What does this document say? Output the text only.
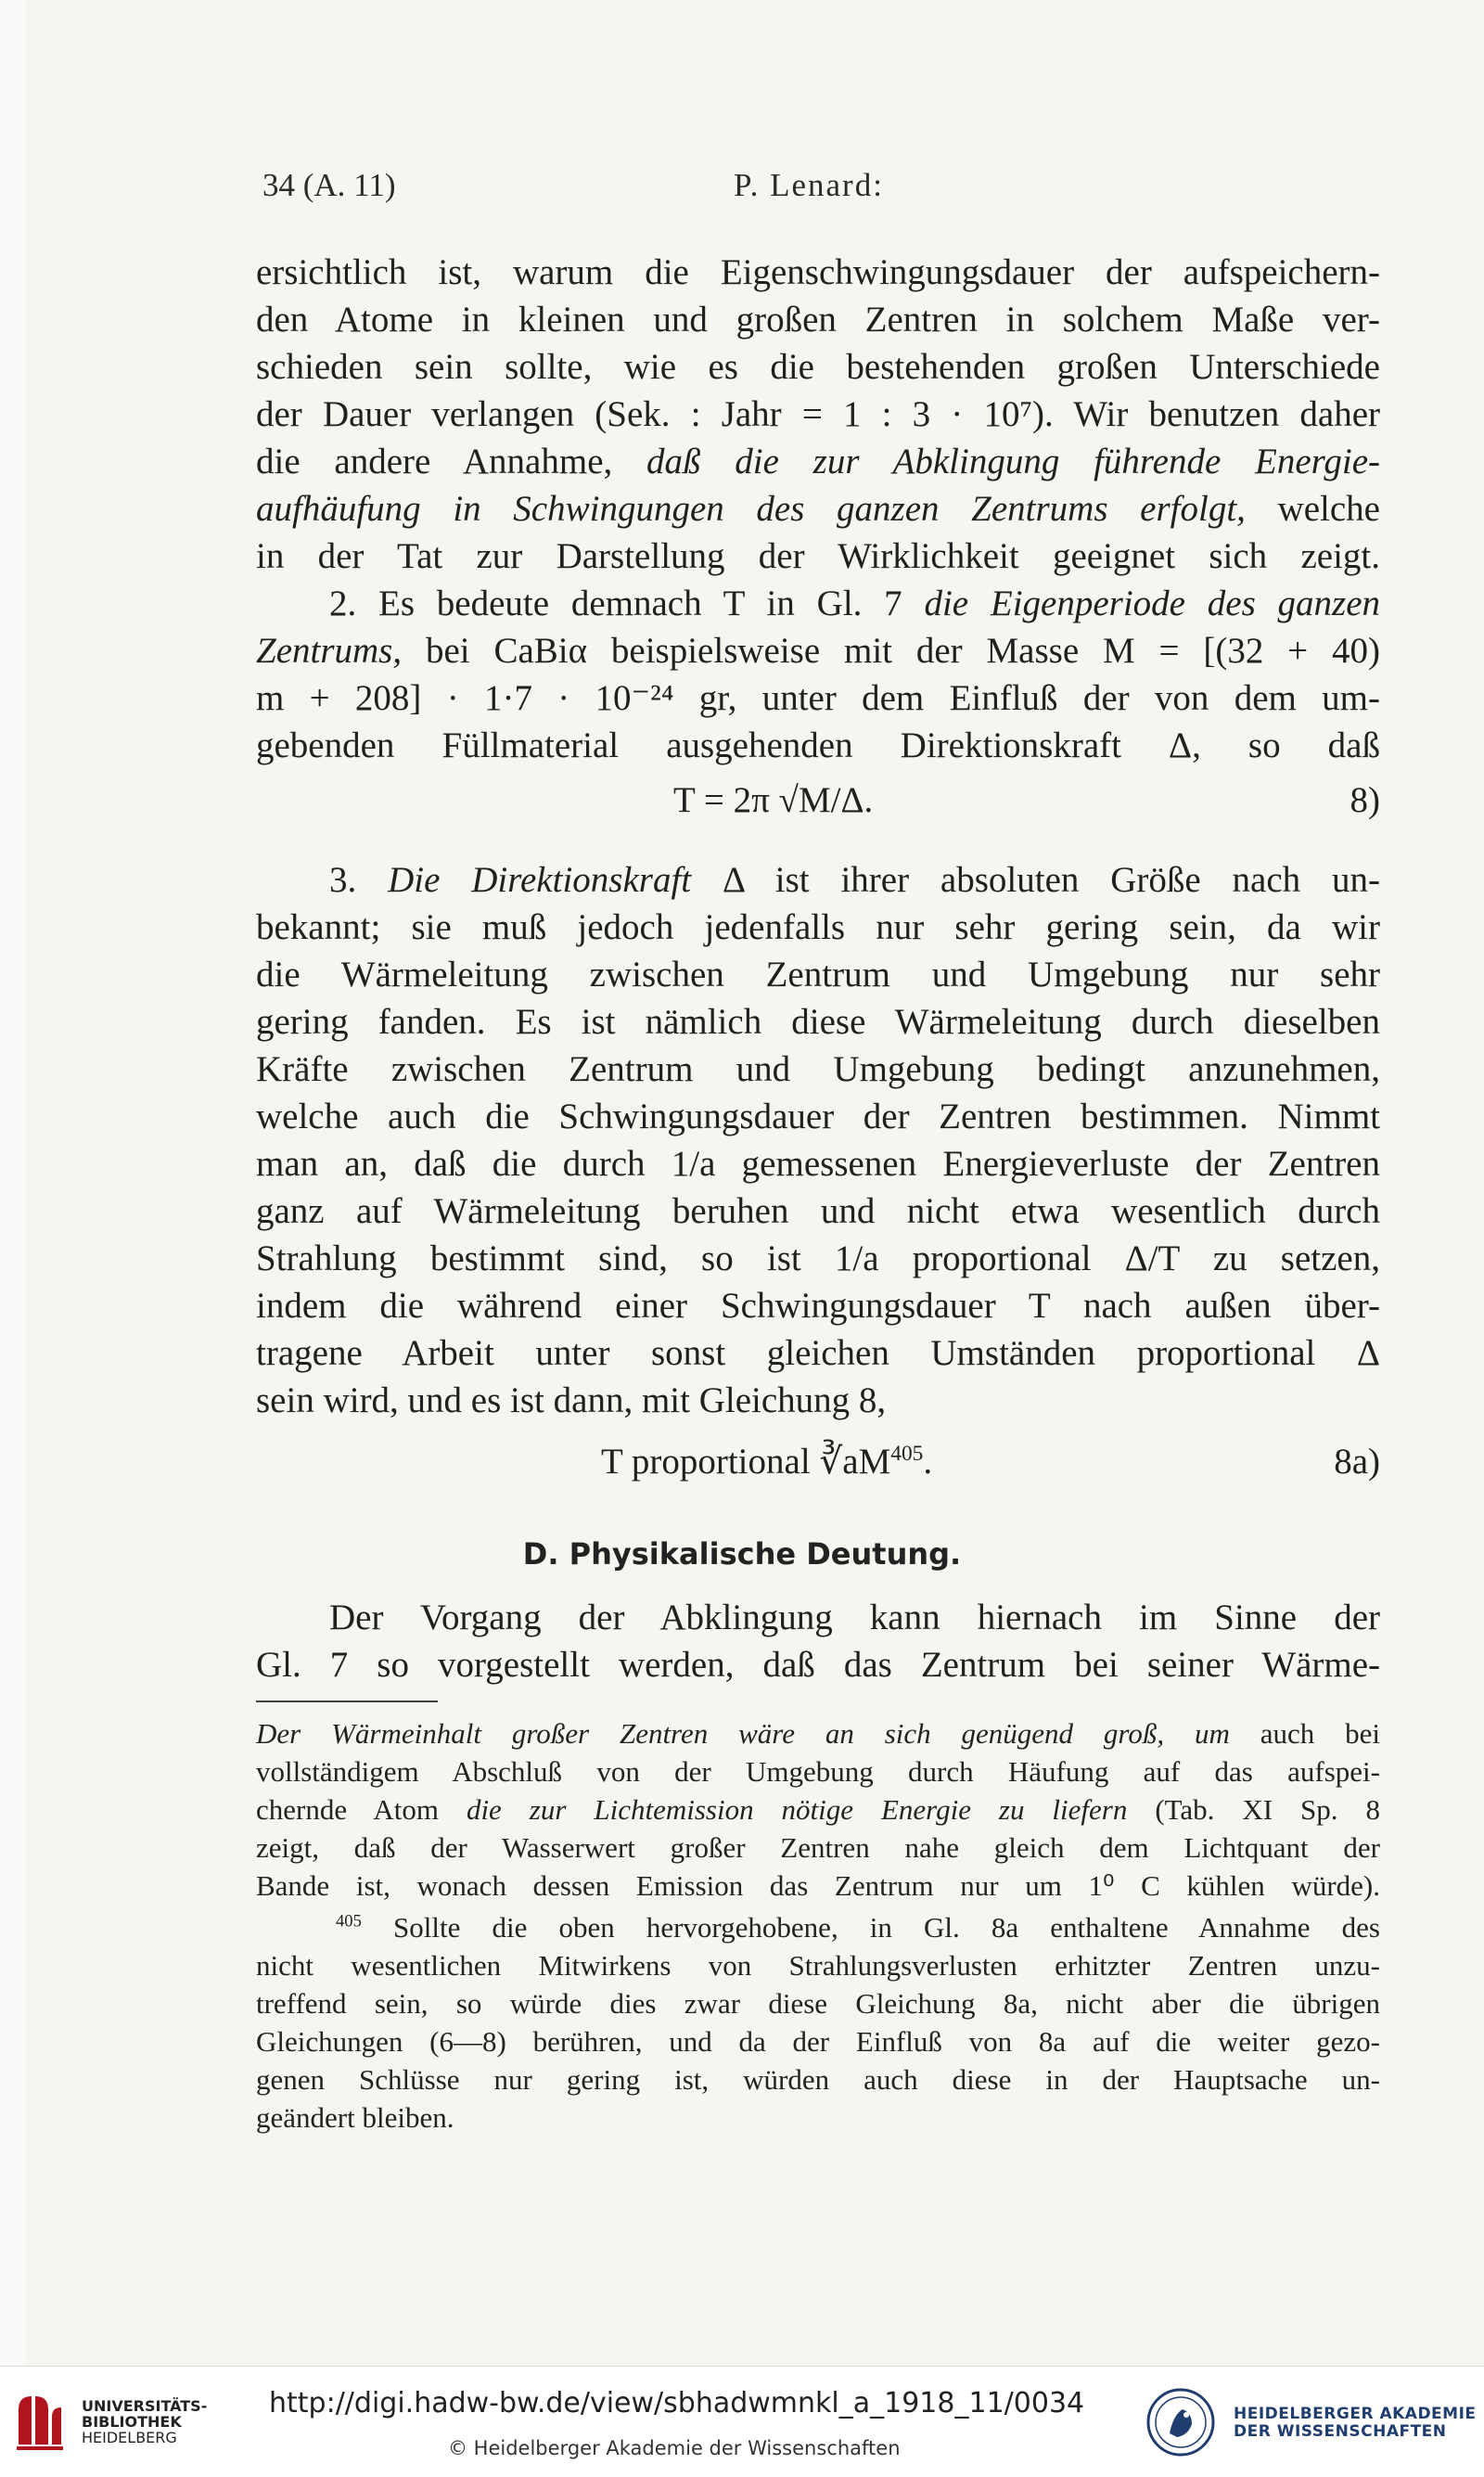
34 (A. 11)	P. Lenard:
ersichtlich ist, warum die Eigenschwingungsdauer der aufspeichern-
den Atome in kleinen und großen Zentren in solchem Maße ver-
schieden sein sollte, wie es die bestehenden großen Unterschiede
der Dauer verlangen (Sek. : Jahr = 1 : 3 · 10⁷). Wir benutzen daher
die andere Annahme, daß die zur Abklingung führende Energie-
aufhäufung in Schwingungen des ganzen Zentrums erfolgt, welche
in der Tat zur Darstellung der Wirklichkeit geeignet sich zeigt.
2. Es bedeute demnach T in Gl. 7 die Eigenperiode des ganzen
Zentrums, bei CaBiα beispielsweise mit der Masse M = [(32 + 40)
m + 208] · 1·7 · 10⁻²⁴ gr, unter dem Einfluß der von dem um-
gebenden Füllmaterial ausgehenden Direktionskraft Δ, so daß
T = 2π √M/Δ.	8)
3. Die Direktionskraft Δ ist ihrer absoluten Größe nach un-
bekannt; sie muß jedoch jedenfalls nur sehr gering sein, da wir
die Wärmeleitung zwischen Zentrum und Umgebung nur sehr
gering fanden. Es ist nämlich diese Wärmeleitung durch dieselben
Kräfte zwischen Zentrum und Umgebung bedingt anzunehmen,
welche auch die Schwingungsdauer der Zentren bestimmen. Nimmt
man an, daß die durch 1/a gemessenen Energieverluste der Zentren
ganz auf Wärmeleitung beruhen und nicht etwa wesentlich durch
Strahlung bestimmt sind, so ist 1/a proportional Δ/T zu setzen,
indem die während einer Schwingungsdauer T nach außen über-
tragene Arbeit unter sonst gleichen Umständen proportional Δ
sein wird, und es ist dann, mit Gleichung 8,
T proportional $∛aM^{405}$.	8a)
D. Physikalische Deutung.
Der Vorgang der Abklingung kann hiernach im Sinne der
Gl. 7 so vorgestellt werden, daß das Zentrum bei seiner Wärme-
Der Wärmeinhalt großer Zentren wäre an sich genügend groß, um auch bei
vollständigem Abschluß von der Umgebung durch Häufung auf das aufspei-
chernde Atom die zur Lichtemission nötige Energie zu liefern (Tab. XI Sp. 8
zeigt, daß der Wasserwert großer Zentren nahe gleich dem Lichtquant der
Bande ist, wonach dessen Emission das Zentrum nur um 1⁰ C kühlen würde).
$^{405}$ Sollte die oben hervorgehobene, in Gl. 8a enthaltene Annahme des
nicht wesentlichen Mitwirkens von Strahlungsverlusten erhitzter Zentren unzu-
treffend sein, so würde dies zwar diese Gleichung 8a, nicht aber die übrigen
Gleichungen (6—8) berühren, und da der Einfluß von 8a auf die weiter gezo-
genen Schlüsse nur gering ist, würden auch diese in der Hauptsache un-
geändert bleiben.
UNIVERSITÄTS-
BIBLIOTHEK
HEIDELBERG
http://digi.hadw-bw.de/view/sbhadwmnkl_a_1918_11/0034
© Heidelberger Akademie der Wissenschaften
HEIDELBERGER AKADEMIE
DER WISSENSCHAFTEN
